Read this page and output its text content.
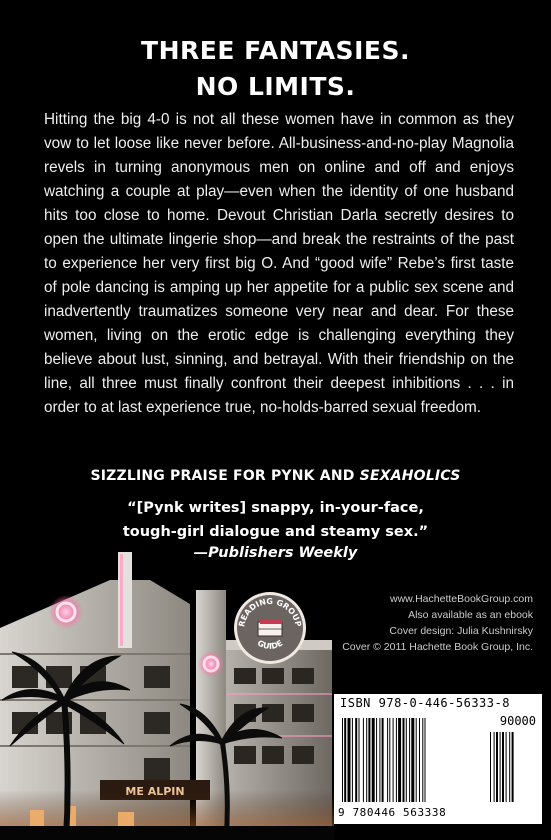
THREE FANTASIES.
NO LIMITS.
Hitting the big 4-0 is not all these women have in common as they vow to let loose like never before. All-business-and-no-play Magnolia revels in turning anonymous men on online and off and enjoys watching a couple at play—even when the identity of one husband hits too close to home. Devout Christian Darla secretly desires to open the ultimate lingerie shop—and break the restraints of the past to experience her very first big O. And “good wife” Rebe’s first taste of pole dancing is amping up her appetite for a public sex scene and inadvertently traumatizes someone very near and dear. For these women, living on the erotic edge is challenging everything they believe about lust, sinning, and betrayal. With their friendship on the line, all three must finally confront their deepest inhibitions . . . in order to at last experience true, no-holds-barred sexual freedom.
SIZZLING PRAISE FOR PYNK AND SEXAHOLICS
“[Pynk writes] snappy, in-your-face,
tough-girl dialogue and steamy sex.”
—Publishers Weekly
READING GROUP
GUIDE
www.HachetteBookGroup.com
Also available as an ebook
Cover design: Julia Kushnirsky
Cover © 2011 Hachette Book Group, Inc.
ISBN 978-0-446-56333-8
90000
9 780446 563338
